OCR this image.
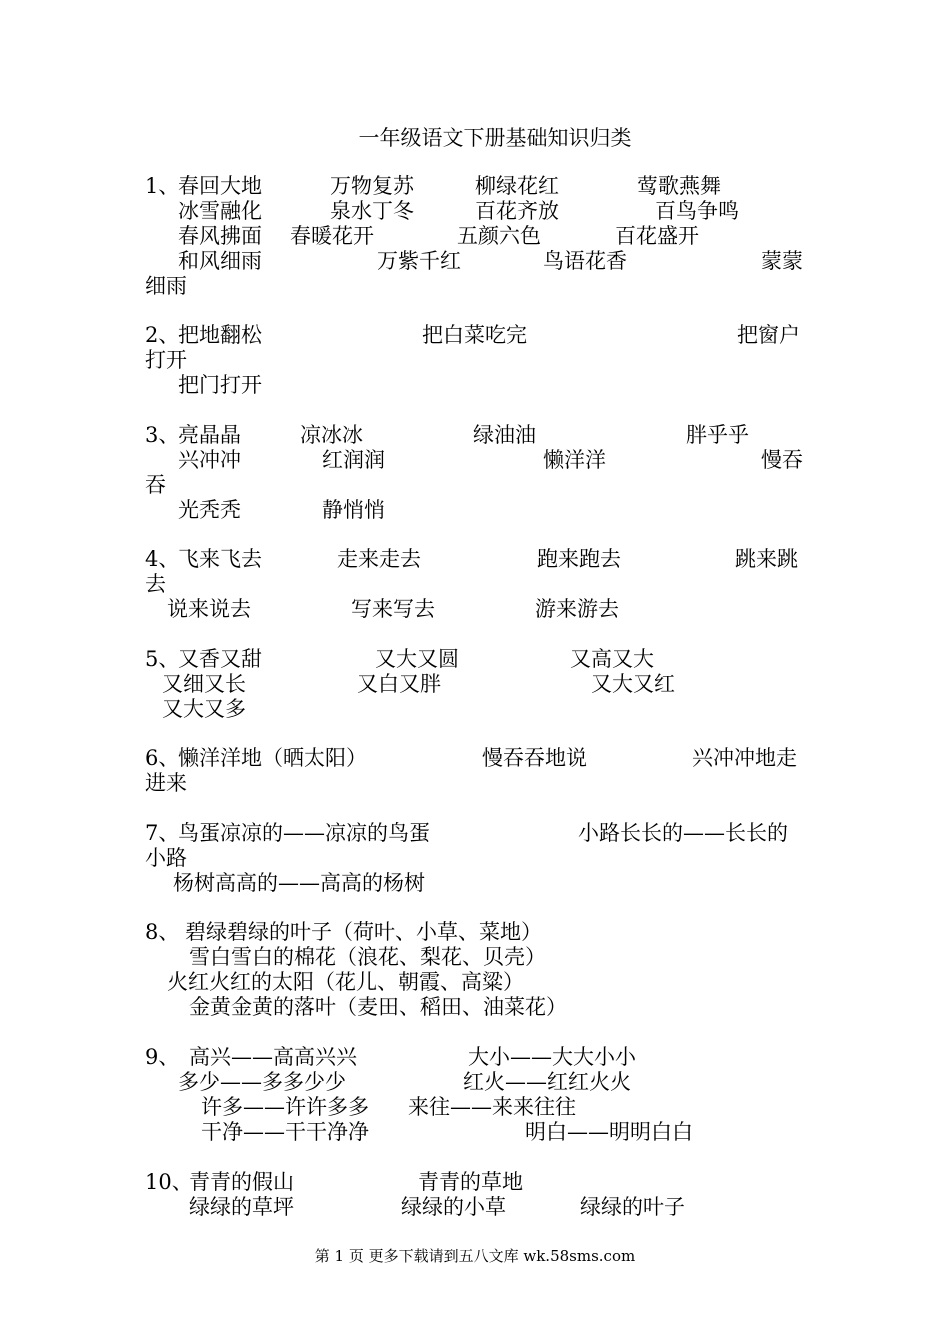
一年级语文下册基础知识归类
1、
春回大地	万物复苏	柳绿花红	莺歌燕舞
冰雪融化	泉水丁冬	百花齐放	百鸟争鸣
春风拂面 春暖花开	五颜六色	百花盛开
和风细雨	万紫千红	鸟语花香	蒙蒙
细雨
2、
把地翻松	把白菜吃完	把窗户
打开
把门打开
3、
亮晶晶	凉冰冰	绿油油	胖乎乎
兴冲冲	红润润	懒洋洋	慢吞
吞
光秃秃	静悄悄
4、
飞来飞去	走来走去	跑来跑去	跳来跳
去
说来说去	写来写去	游来游去
5、
又香又甜	又大又圆	又高又大
又细又长	又白又胖	又大又红
又大又多
6、
懒洋洋地（晒太阳）	慢吞吞地说	兴冲冲地走
进来
7、
鸟蛋凉凉的——凉凉的鸟蛋	小路长长的——长长的
小路
杨树高高的——高高的杨树
8、 碧绿碧绿的叶子（荷叶、小草、菜地）
雪白雪白的棉花（浪花、梨花、贝壳）
火红火红的太阳（花儿、朝霞、高粱）
金黄金黄的落叶（麦田、稻田、油菜花）
9、 高兴——高高兴兴	大小——大大小小
多少——多多少少	红火——红红火火
许多——许许多多 来往——来来往往
干净——干干净净	明白——明明白白
10、
青青的假山	青青的草地
绿绿的草坪	绿绿的小草	绿绿的叶子
第 1 页 更多下载请到五八文库 wk.58sms.com
